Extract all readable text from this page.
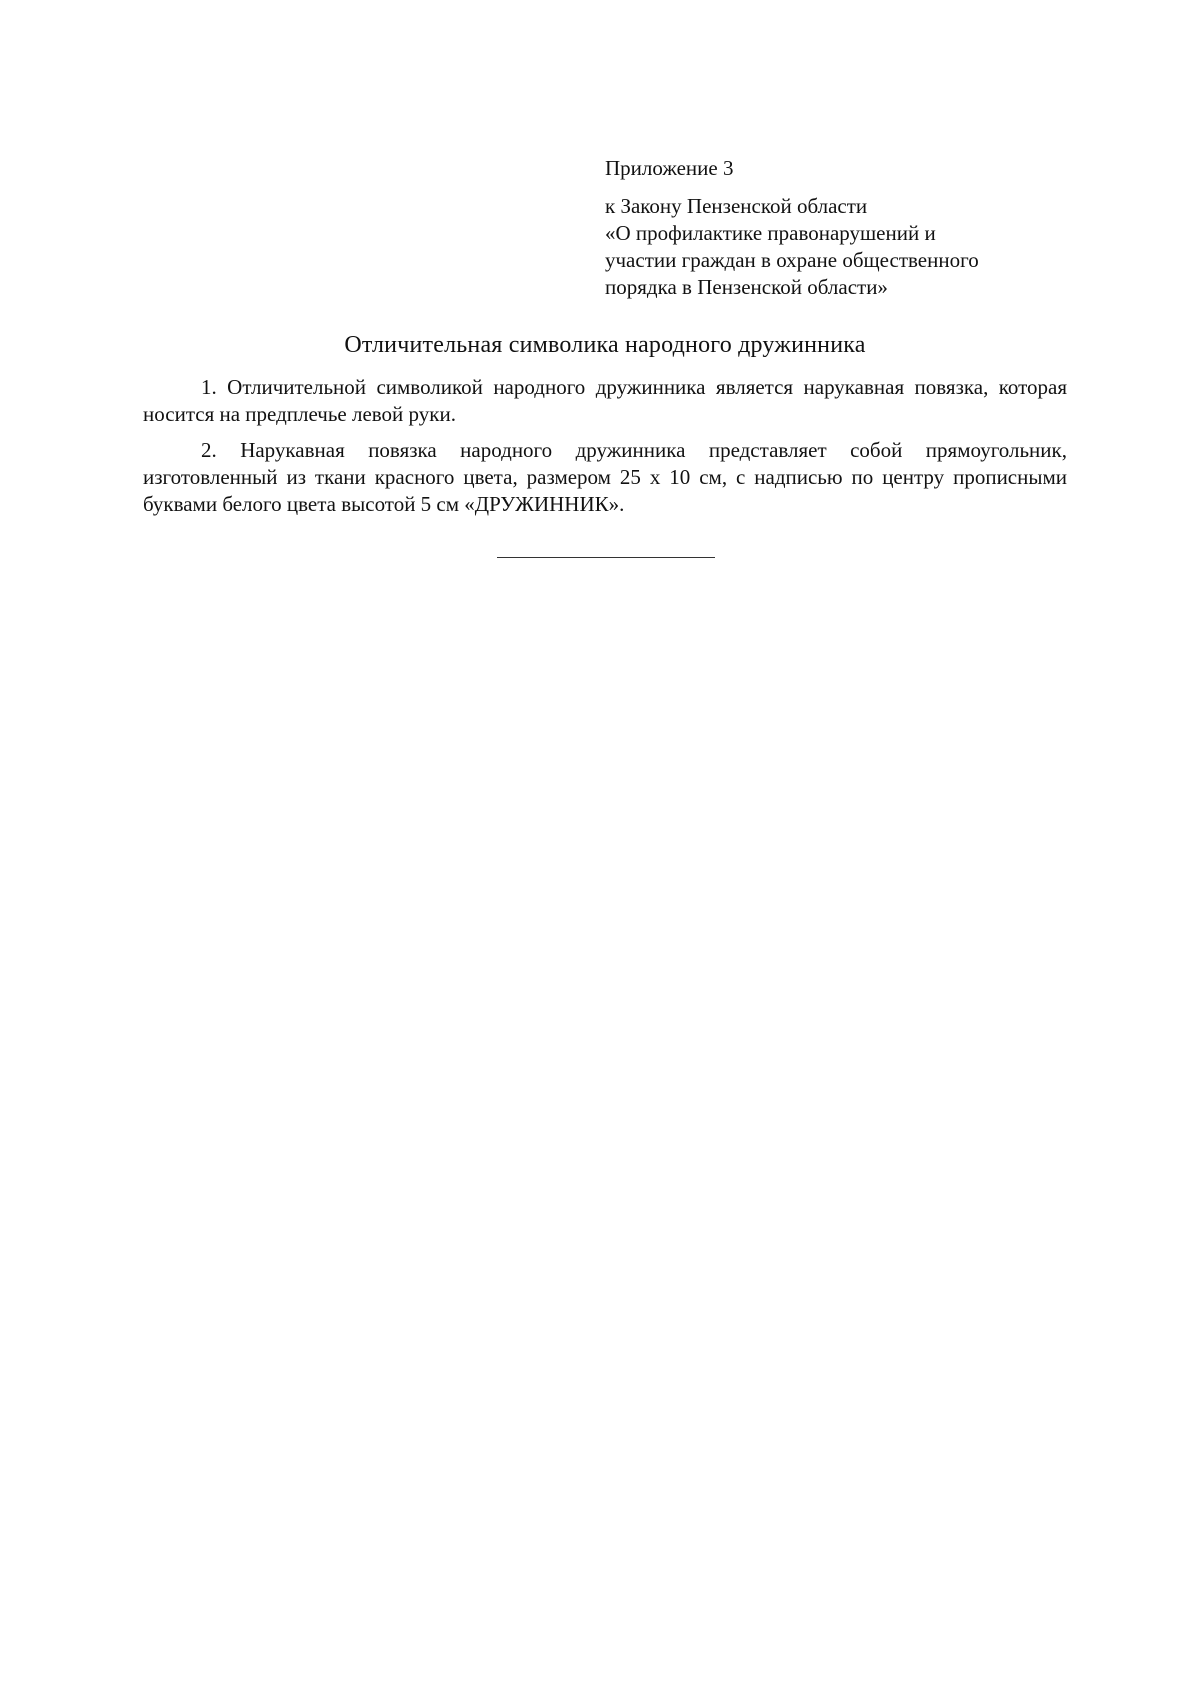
Приложение 3
к Закону Пензенской области
«О профилактике правонарушений и
участии граждан в охране общественного
порядка в Пензенской области»
Отличительная символика народного дружинника

1. Отличительной символикой народного дружинника является нарукавная повязка, которая носится на предплечье левой руки.

2. Нарукавная повязка народного дружинника представляет собой прямоугольник, изготовленный из ткани красного цвета, размером 25 х 10 см, с надписью по центру прописными буквами белого цвета высотой 5 см «ДРУЖИННИК».
